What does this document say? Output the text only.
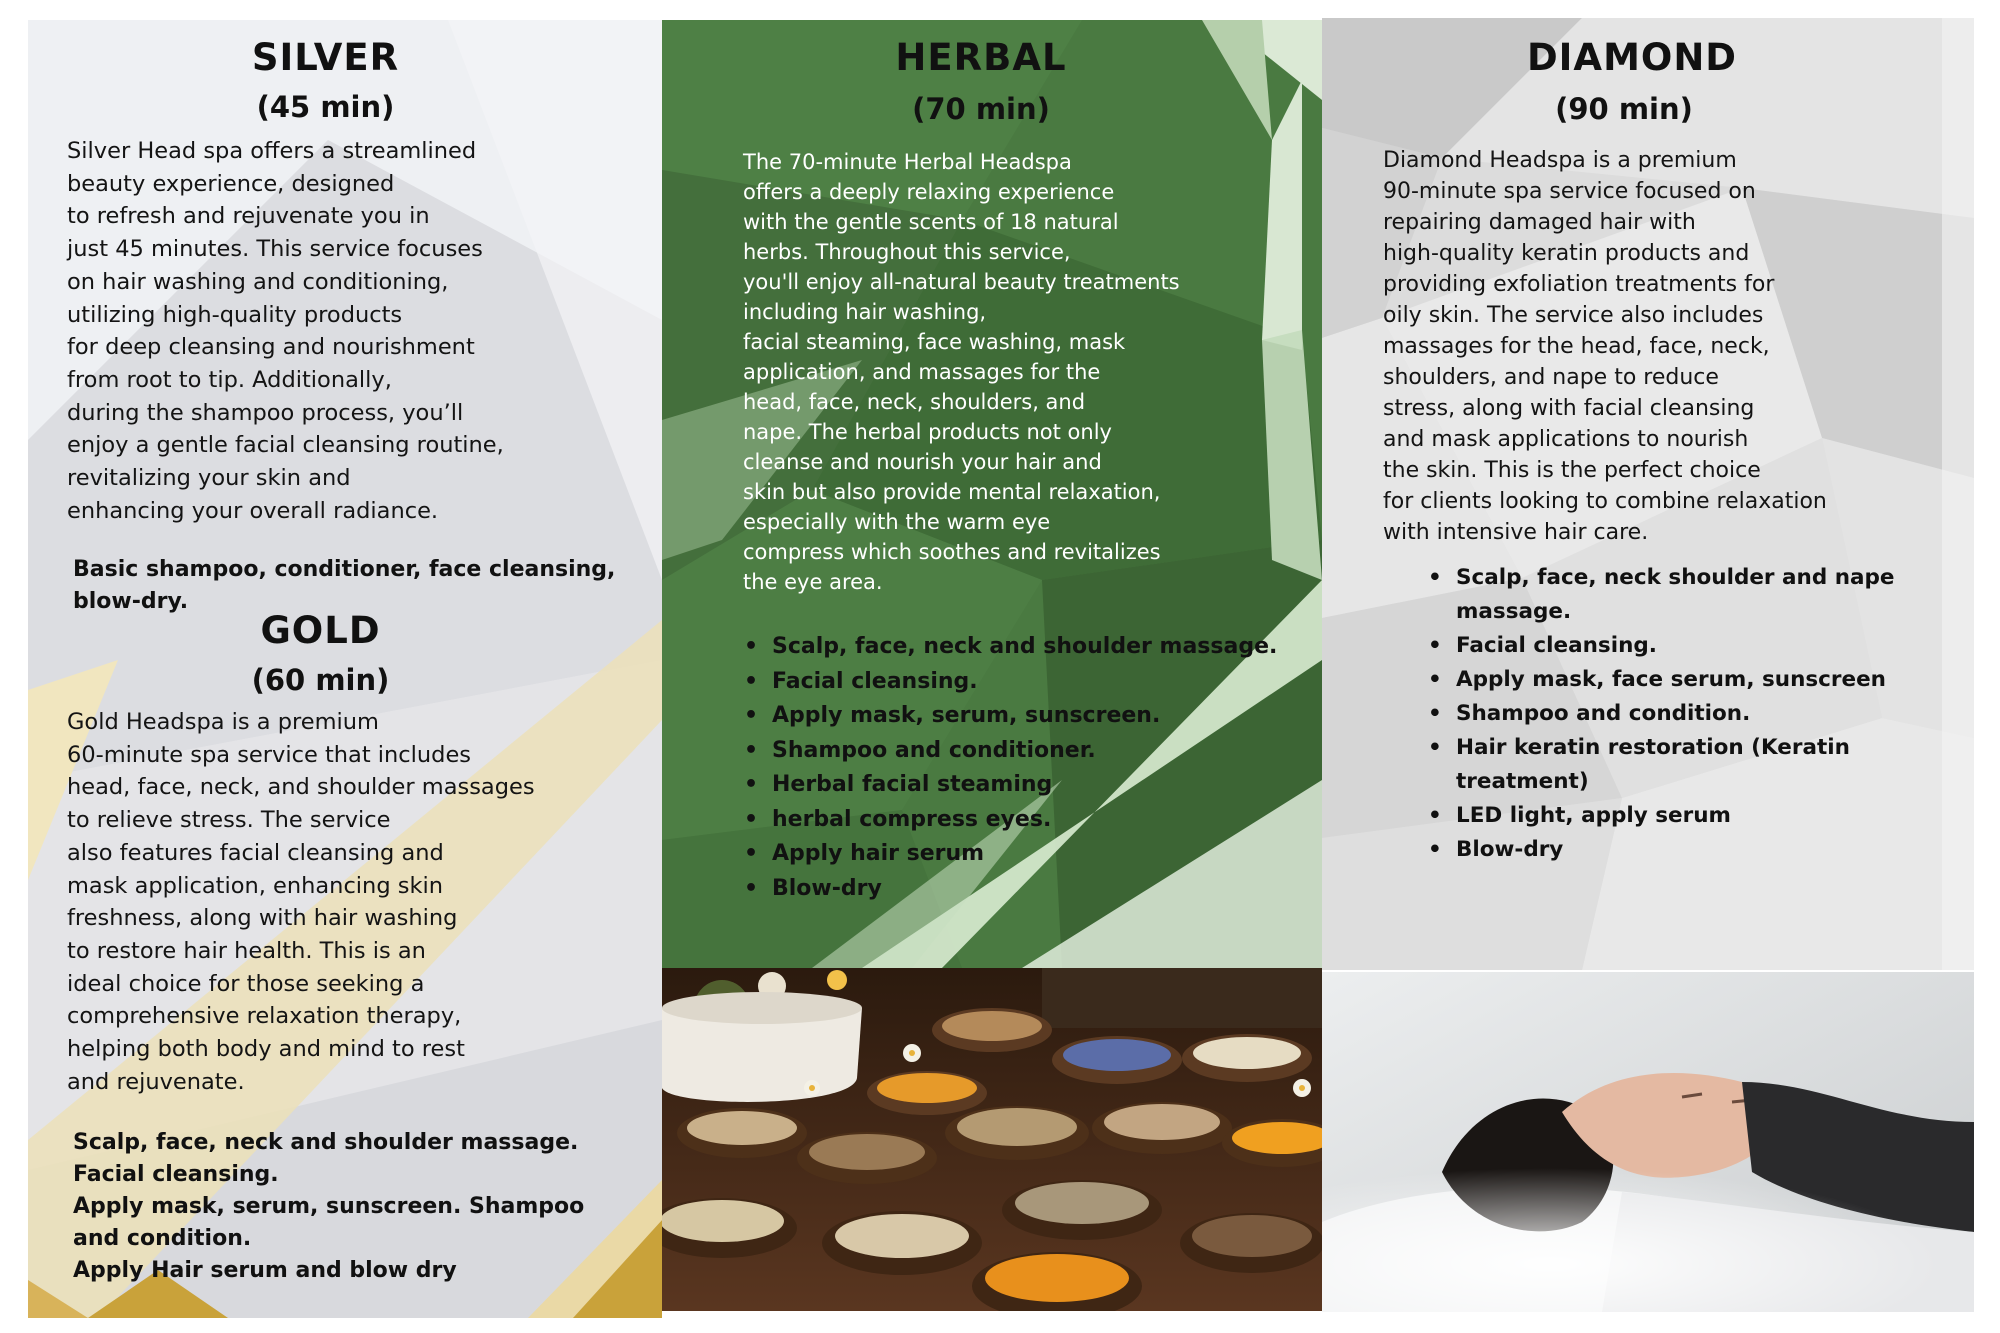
SILVER
(45 min)
Silver Head spa offers a streamlined
beauty experience, designed
to refresh and rejuvenate you in
just 45 minutes. This service focuses
on hair washing and conditioning,
utilizing high-quality products
for deep cleansing and nourishment
from root to tip. Additionally,
during the shampoo process, you’ll
enjoy a gentle facial cleansing routine,
revitalizing your skin and
enhancing your overall radiance.
Basic shampoo, conditioner, face cleansing,
blow-dry.
GOLD
(60 min)
Gold Headspa is a premium
60-minute spa service that includes
head, face, neck, and shoulder massages
to relieve stress. The service
also features facial cleansing and
mask application, enhancing skin
freshness, along with hair washing
to restore hair health. This is an
ideal choice for those seeking a
comprehensive relaxation therapy,
helping both body and mind to rest
and rejuvenate.
Scalp, face, neck and shoulder massage.
Facial cleansing.
Apply mask, serum, sunscreen. Shampoo
and condition.
Apply Hair serum and blow dry
HERBAL
(70 min)
The 70-minute Herbal Headspa
offers a deeply relaxing experience
with the gentle scents of 18 natural
herbs. Throughout this service,
you'll enjoy all-natural beauty treatments
including hair washing,
facial steaming, face washing, mask
application, and massages for the
head, face, neck, shoulders, and
nape. The herbal products not only
cleanse and nourish your hair and
skin but also provide mental relaxation,
especially with the warm eye
compress which soothes and revitalizes
the eye area.
• Scalp, face, neck and shoulder massage.
• Facial cleansing.
• Apply mask, serum, sunscreen.
• Shampoo and conditioner.
• Herbal facial steaming
• herbal compress eyes.
• Apply hair serum
• Blow-dry
DIAMOND
(90 min)
Diamond Headspa is a premium
90-minute spa service focused on
repairing damaged hair with
high-quality keratin products and
providing exfoliation treatments for
oily skin. The service also includes
massages for the head, face, neck,
shoulders, and nape to reduce
stress, along with facial cleansing
and mask applications to nourish
the skin. This is the perfect choice
for clients looking to combine relaxation
with intensive hair care.
• Scalp, face, neck shoulder and nape
massage.
• Facial cleansing.
• Apply mask, face serum, sunscreen
• Shampoo and condition.
• Hair keratin restoration (Keratin
treatment)
• LED light, apply serum
• Blow-dry
